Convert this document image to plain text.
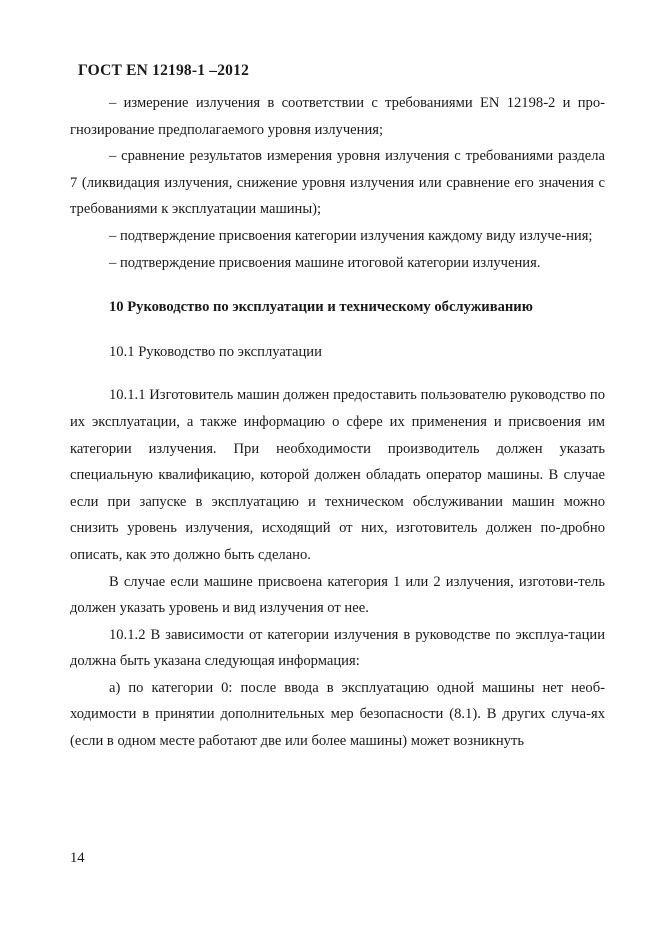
ГОСТ EN 12198-1 –2012

– измерение излучения в соответствии с требованиями EN 12198-2 и про-гнозирование предполагаемого уровня излучения;

– сравнение результатов измерения уровня излучения с требованиями раздела 7 (ликвидация излучения, снижение уровня излучения или сравнение его значения с требованиями к эксплуатации машины);

– подтверждение присвоения категории излучения каждому виду излуче-ния;

– подтверждение присвоения машине итоговой категории излучения.

10 Руководство по эксплуатации и техническому обслуживанию

10.1 Руководство по эксплуатации

10.1.1 Изготовитель машин должен предоставить пользователю руководство по их эксплуатации, а также информацию о сфере их применения и присвоения им категории излучения. При необходимости производитель должен указать специальную квалификацию, которой должен обладать оператор машины. В случае если при запуске в эксплуатацию и техническом обслуживании машин можно снизить уровень излучения, исходящий от них, изготовитель должен по-дробно описать, как это должно быть сделано.

В случае если машине присвоена категория 1 или 2 излучения, изготови-тель должен указать уровень и вид излучения от нее.

10.1.2 В зависимости от категории излучения в руководстве по эксплуа-тации должна быть указана следующая информация:

а) по категории 0: после ввода в эксплуатацию одной машины нет необ-ходимости в принятии дополнительных мер безопасности (8.1). В других случа-ях (если в одном месте работают две или более машины) может возникнуть

14
